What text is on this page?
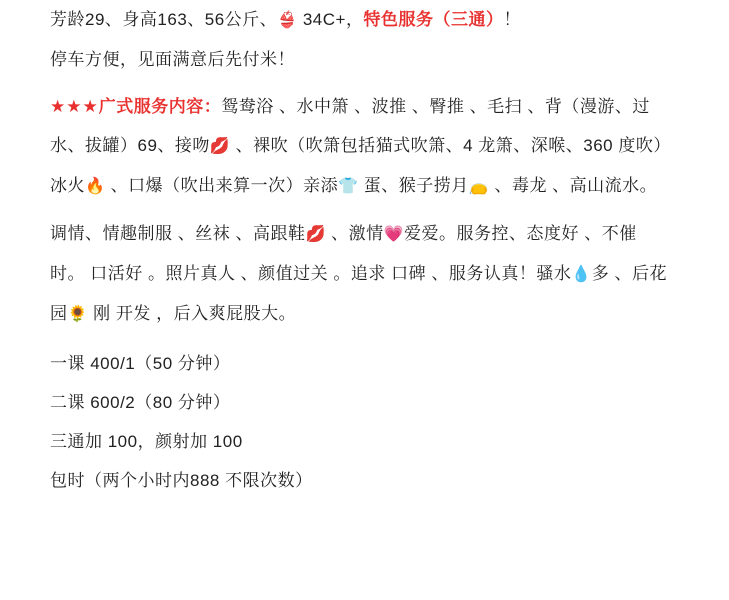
芳龄29、身高163、56公斤、👙 34C+，特色服务（三通）！

停车方便，见面满意后先付米！

★★★广式服务内容：鸳鸯浴 、水中箫 、波推 、臀推 、毛扫 、背（漫游、过水、拔罐）69、接吻💋 、裸吹（吹箫包括猫式吹箫、4 龙箫、深喉、360 度吹）冰火🔥 、口爆（吹出来算一次）亲添👕 蛋、猴子捞月👝 、毒龙 、高山流水。

调情、情趣制服 、丝袜 、高跟鞋💋 、激情💗爱爱。服务控、态度好 、不催时。 口活好 。照片真人 、颜值过关 。追求 口碑 、服务认真！骚水💧多 、后花园🌻 刚 开发 ，后入爽屁股大。

一课 400/1（50 分钟）

二课 600/2（80 分钟）

三通加 100，颜射加 100

包时（两个小时内888 不限次数）
